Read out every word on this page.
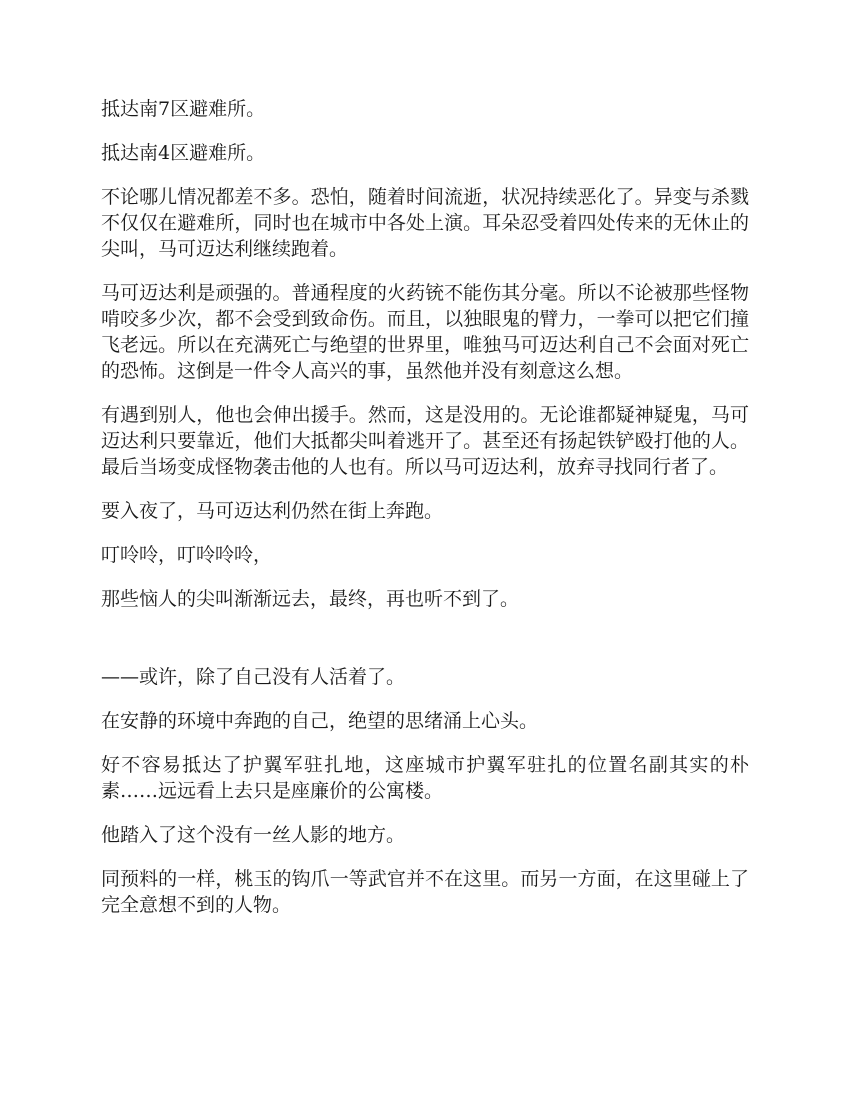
抵达南7区避难所。

抵达南4区避难所。

不论哪儿情况都差不多。恐怕，随着时间流逝，状况持续恶化了。异变与杀戮不仅仅在避难所，同时也在城市中各处上演。耳朵忍受着四处传来的无休止的尖叫，马可迈达利继续跑着。

马可迈达利是顽强的。普通程度的火药铳不能伤其分毫。所以不论被那些怪物啃咬多少次，都不会受到致命伤。而且，以独眼鬼的臂力，一拳可以把它们撞飞老远。所以在充满死亡与绝望的世界里，唯独马可迈达利自己不会面对死亡的恐怖。这倒是一件令人高兴的事，虽然他并没有刻意这么想。

有遇到别人，他也会伸出援手。然而，这是没用的。无论谁都疑神疑鬼，马可迈达利只要靠近，他们大抵都尖叫着逃开了。甚至还有扬起铁铲殴打他的人。最后当场变成怪物袭击他的人也有。所以马可迈达利，放弃寻找同行者了。

要入夜了，马可迈达利仍然在街上奔跑。

叮呤呤，叮呤呤呤，

那些恼人的尖叫渐渐远去，最终，再也听不到了。

——或许，除了自己没有人活着了。

在安静的环境中奔跑的自己，绝望的思绪涌上心头。

好不容易抵达了护翼军驻扎地，这座城市护翼军驻扎的位置名副其实的朴素……远远看上去只是座廉价的公寓楼。

他踏入了这个没有一丝人影的地方。

同预料的一样，桃玉的钩爪一等武官并不在这里。而另一方面，在这里碰上了完全意想不到的人物。
